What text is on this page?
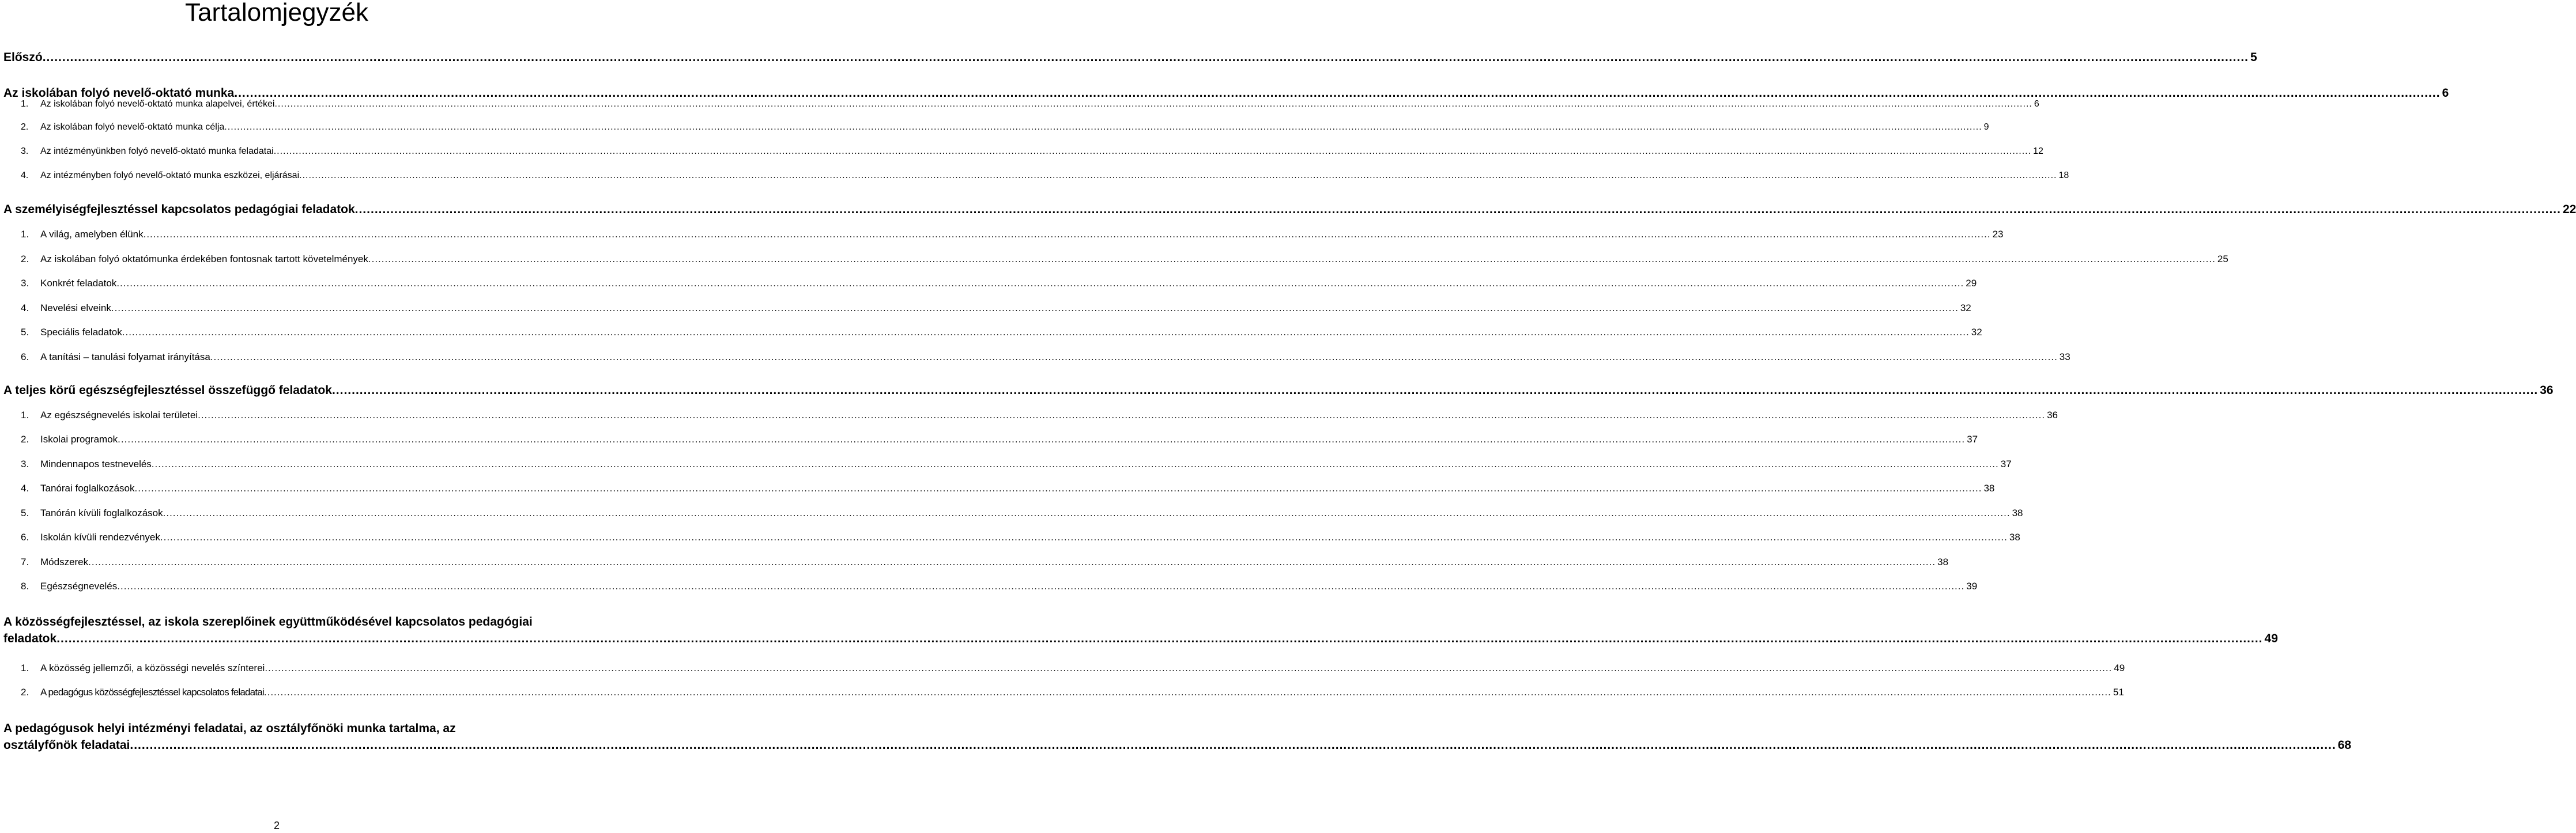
Tartalomjegyzék
Előszó .....	5
Az iskolában folyó nevelő-oktató munka .....	6
1.	Az iskolában folyó nevelő-oktató munka alapelvei, értékei .....	6
2.	Az iskolában folyó nevelő-oktató munka célja .....	9
3.	Az intézményünkben folyó nevelő-oktató munka feladatai .....	12
4.	Az intézményben folyó nevelő-oktató munka eszközei, eljárásai .....	18
A személyiségfejlesztéssel kapcsolatos pedagógiai feladatok .....	22
1.	A világ, amelyben élünk .....	23
2.	Az iskolában folyó oktatómunka érdekében fontosnak tartott követelmények .....	25
3.	Konkrét feladatok .....	29
4.	Nevelési elveink .....	32
5.	Speciális feladatok .....	32
6.	A tanítási – tanulási folyamat irányítása .....	33
A teljes körű egészségfejlesztéssel összefüggő feladatok .....	36
1.	Az egészségnevelés iskolai területei .....	36
2.	Iskolai programok .....	37
3.	Mindennapos testnevelés .....	37
4.	Tanórai foglalkozások .....	38
5.	Tanórán kívüli foglalkozások .....	38
6.	Iskolán kívüli rendezvények .....	38
7.	Módszerek .....	38
8.	Egészségnevelés .....	39
A közösségfejlesztéssel, az iskola szereplőinek együttműködésével kapcsolatos pedagógiai
feladatok .....	49
1.	A közösség jellemzői, a közösségi nevelés színterei .....	49
2.	A pedagógus közösségfejlesztéssel kapcsolatos feladatai .....	51
A pedagógusok helyi intézményi feladatai, az osztályfőnöki munka tartalma, az
osztályfőnök feladatai .....	68
2
